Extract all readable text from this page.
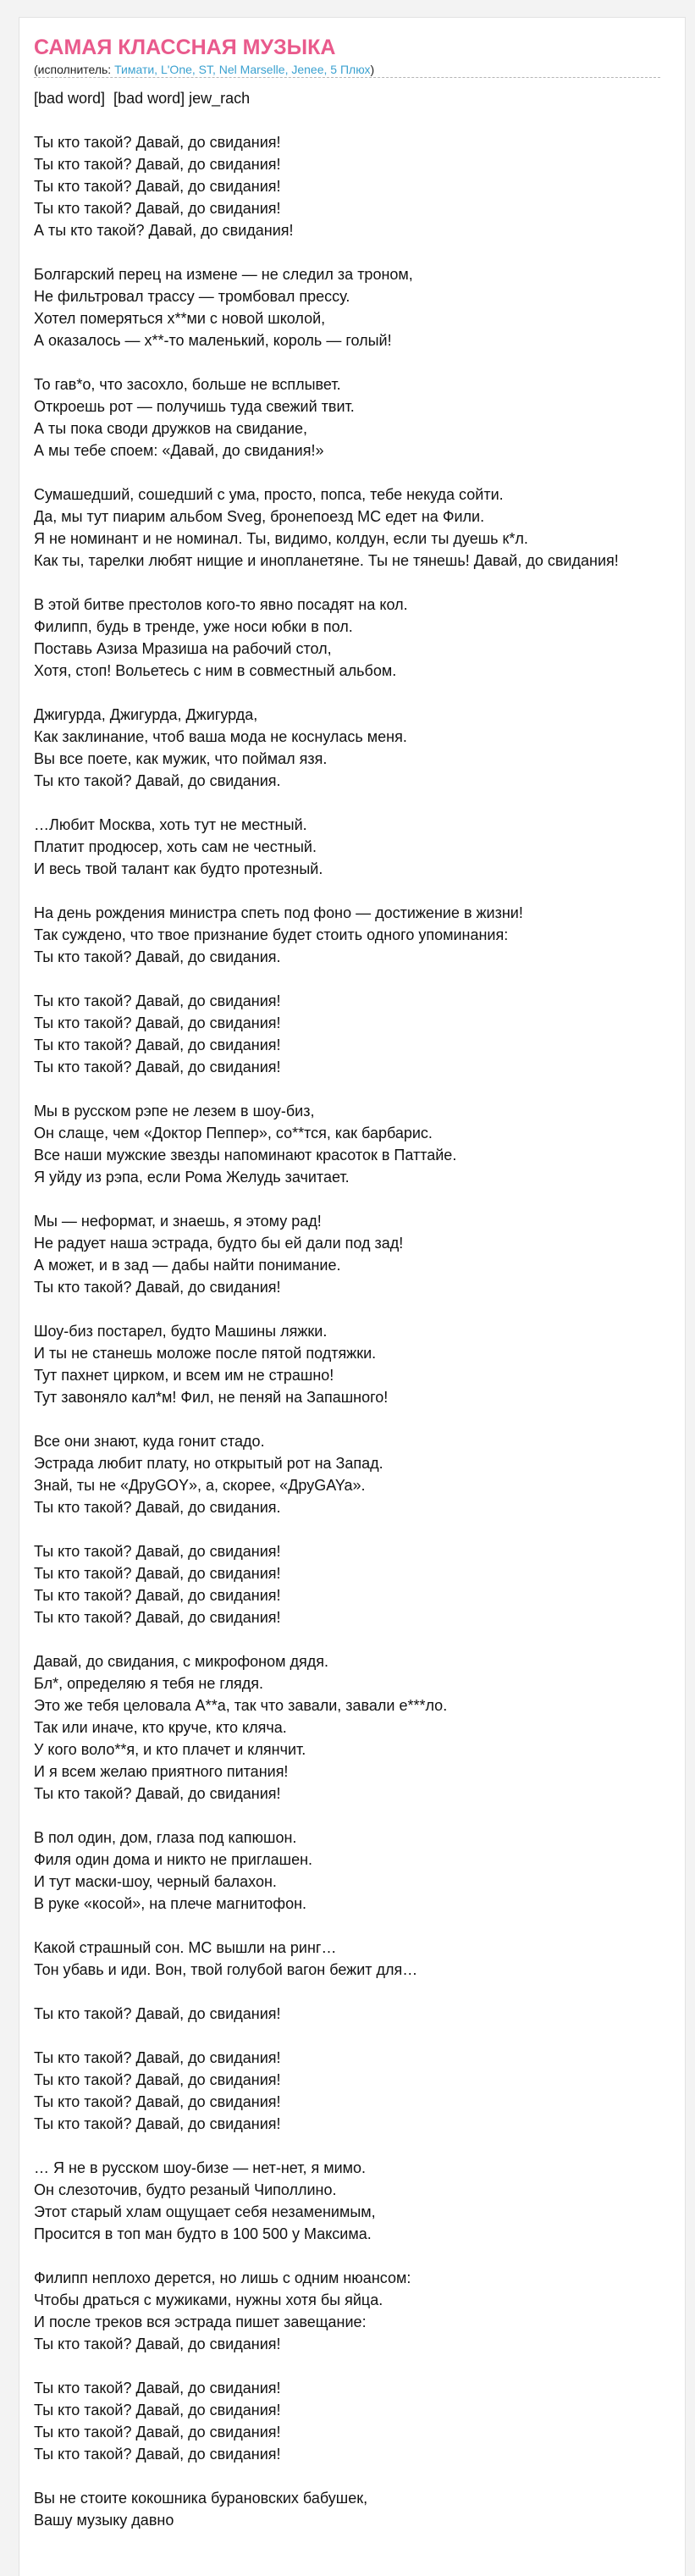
САМАЯ КЛАССНАЯ МУЗЫКА
(исполнитель: Тимати, L'One, ST, Nel Marselle, Jenee, 5 Плюх)
[bad word]  [bad word] jew_rach
Ты кто такой? Давай, до свидания!
Ты кто такой? Давай, до свидания!
Ты кто такой? Давай, до свидания!
Ты кто такой? Давай, до свидания!
А ты кто такой? Давай, до свидания!
Болгарский перец на измене — не следил за троном,
Не фильтровал трассу — тромбовал прессу.
Хотел померяться х**ми с новой школой,
А оказалось — х**-то маленький, король — голый!
То гав*о, что засохло, больше не всплывет.
Откроешь рот — получишь туда свежий твит.
А ты пока своди дружков на свидание,
А мы тебе споем: «Давай, до свидания!»
Сумашедший, сошедший с ума, просто, попса, тебе некуда сойти.
Да, мы тут пиарим альбом Sveg, бронепоезд МС едет на Фили.
Я не номинант и не номинал. Ты, видимо, колдун, если ты дуешь к*л.
Как ты, тарелки любят нищие и инопланетяне. Ты не тянешь! Давай, до свидания!
В этой битве престолов кого-то явно посадят на кол.
Филипп, будь в тренде, уже носи юбки в пол.
Поставь Азиза Мразиша на рабочий стол,
Хотя, стоп! Вольетесь с ним в совместный альбом.
Джигурда, Джигурда, Джигурда,
Как заклинание, чтоб ваша мода не коснулась меня.
Вы все поете, как мужик, что поймал язя.
Ты кто такой? Давай, до свидания.
…Любит Москва, хоть тут не местный.
Платит продюсер, хоть сам не честный.
И весь твой талант как будто протезный.
На день рождения министра спеть под фоно — достижение в жизни!
Так суждено, что твое признание будет стоить одного упоминания:
Ты кто такой? Давай, до свидания.
Ты кто такой? Давай, до свидания!
Ты кто такой? Давай, до свидания!
Ты кто такой? Давай, до свидания!
Ты кто такой? Давай, до свидания!
Мы в русском рэпе не лезем в шоу-биз,
Он слаще, чем «Доктор Пеппер», со**тся, как барбарис.
Все наши мужские звезды напоминают красоток в Паттайе.
Я уйду из рэпа, если Рома Желудь зачитает.
Мы — неформат, и знаешь, я этому рад!
Не радует наша эстрада, будто бы ей дали под зад!
А может, и в зад — дабы найти понимание.
Ты кто такой? Давай, до свидания!
Шоу-биз постарел, будто Машины ляжки.
И ты не станешь моложе после пятой подтяжки.
Тут пахнет цирком, и всем им не страшно!
Тут завоняло кал*м! Фил, не пеняй на Запашного!
Все они знают, куда гонит стадо.
Эстрада любит плату, но открытый рот на Запад.
Знай, ты не «ДруGOY», а, скорее, «ДруGAYa».
Ты кто такой? Давай, до свидания.
Ты кто такой? Давай, до свидания!
Ты кто такой? Давай, до свидания!
Ты кто такой? Давай, до свидания!
Ты кто такой? Давай, до свидания!
Давай, до свидания, с микрофоном дядя.
Бл*, определяю я тебя не глядя.
Это же тебя целовала А**а, так что завали, завали е***ло.
Так или иначе, кто круче, кто кляча.
У кого воло**я, и кто плачет и клянчит.
И я всем желаю приятного питания!
Ты кто такой? Давай, до свидания!
В пол один, дом, глаза под капюшон.
Филя один дома и никто не приглашен.
И тут маски-шоу, черный балахон.
В руке «косой», на плече магнитофон.
Какой страшный сон. МС вышли на ринг…
Тон убавь и иди. Вон, твой голубой вагон бежит для…
Ты кто такой? Давай, до свидания!
Ты кто такой? Давай, до свидания!
Ты кто такой? Давай, до свидания!
Ты кто такой? Давай, до свидания!
Ты кто такой? Давай, до свидания!
… Я не в русском шоу-бизе — нет-нет, я мимо.
Он слезоточив, будто резаный Чиполлино.
Этот старый хлам ощущает себя незаменимым,
Просится в топ ман будто в 100 500 у Максима.
Филипп неплохо дерется, но лишь с одним нюансом:
Чтобы драться с мужиками, нужны хотя бы яйца.
И после треков вся эстрада пишет завещание:
Ты кто такой? Давай, до свидания!
Ты кто такой? Давай, до свидания!
Ты кто такой? Давай, до свидания!
Ты кто такой? Давай, до свидания!
Ты кто такой? Давай, до свидания!
Вы не стоите кокошника бурановских бабушек,
Вашу музыку давно
